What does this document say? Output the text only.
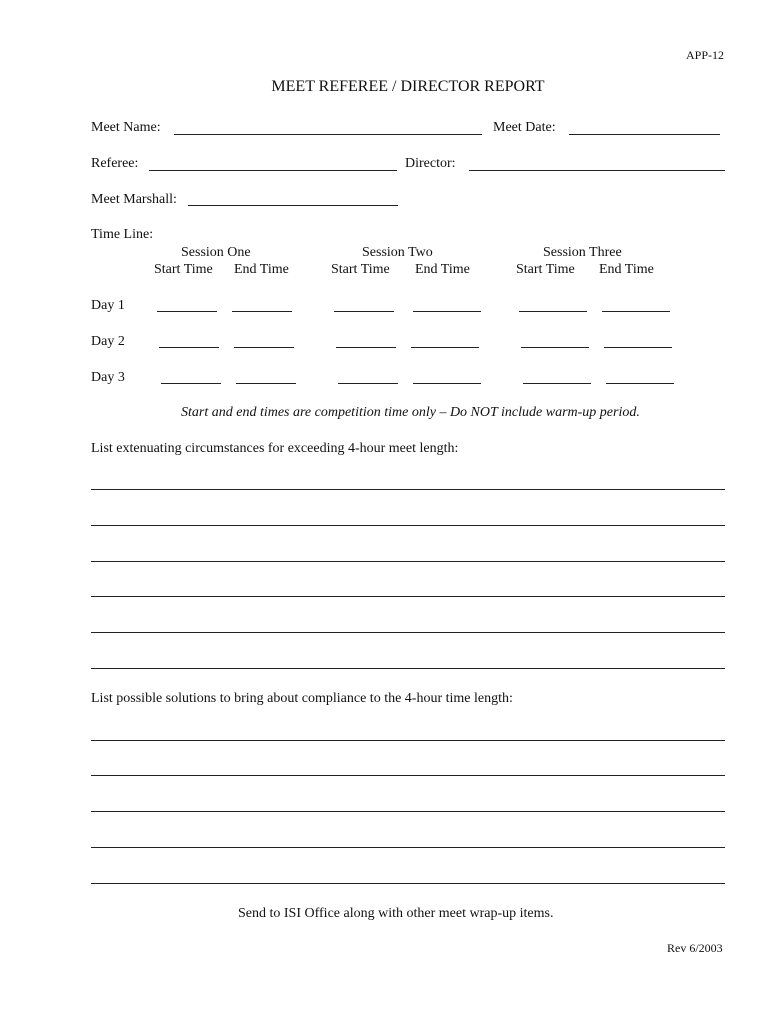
APP-12
MEET REFEREE / DIRECTOR REPORT
Meet Name:	Meet Date:
Referee:	Director:
Meet Marshall:
Time Line:
Session One	Session Two	Session Three
Start Time End Time	Start Time End Time	Start Time End Time
Day 1
Day 2
Day 3
Start and end times are competition time only – Do NOT include warm-up period.
List extenuating circumstances for exceeding 4-hour meet length:
List possible solutions to bring about compliance to the 4-hour time length:
Send to ISI Office along with other meet wrap-up items.
Rev 6/2003
